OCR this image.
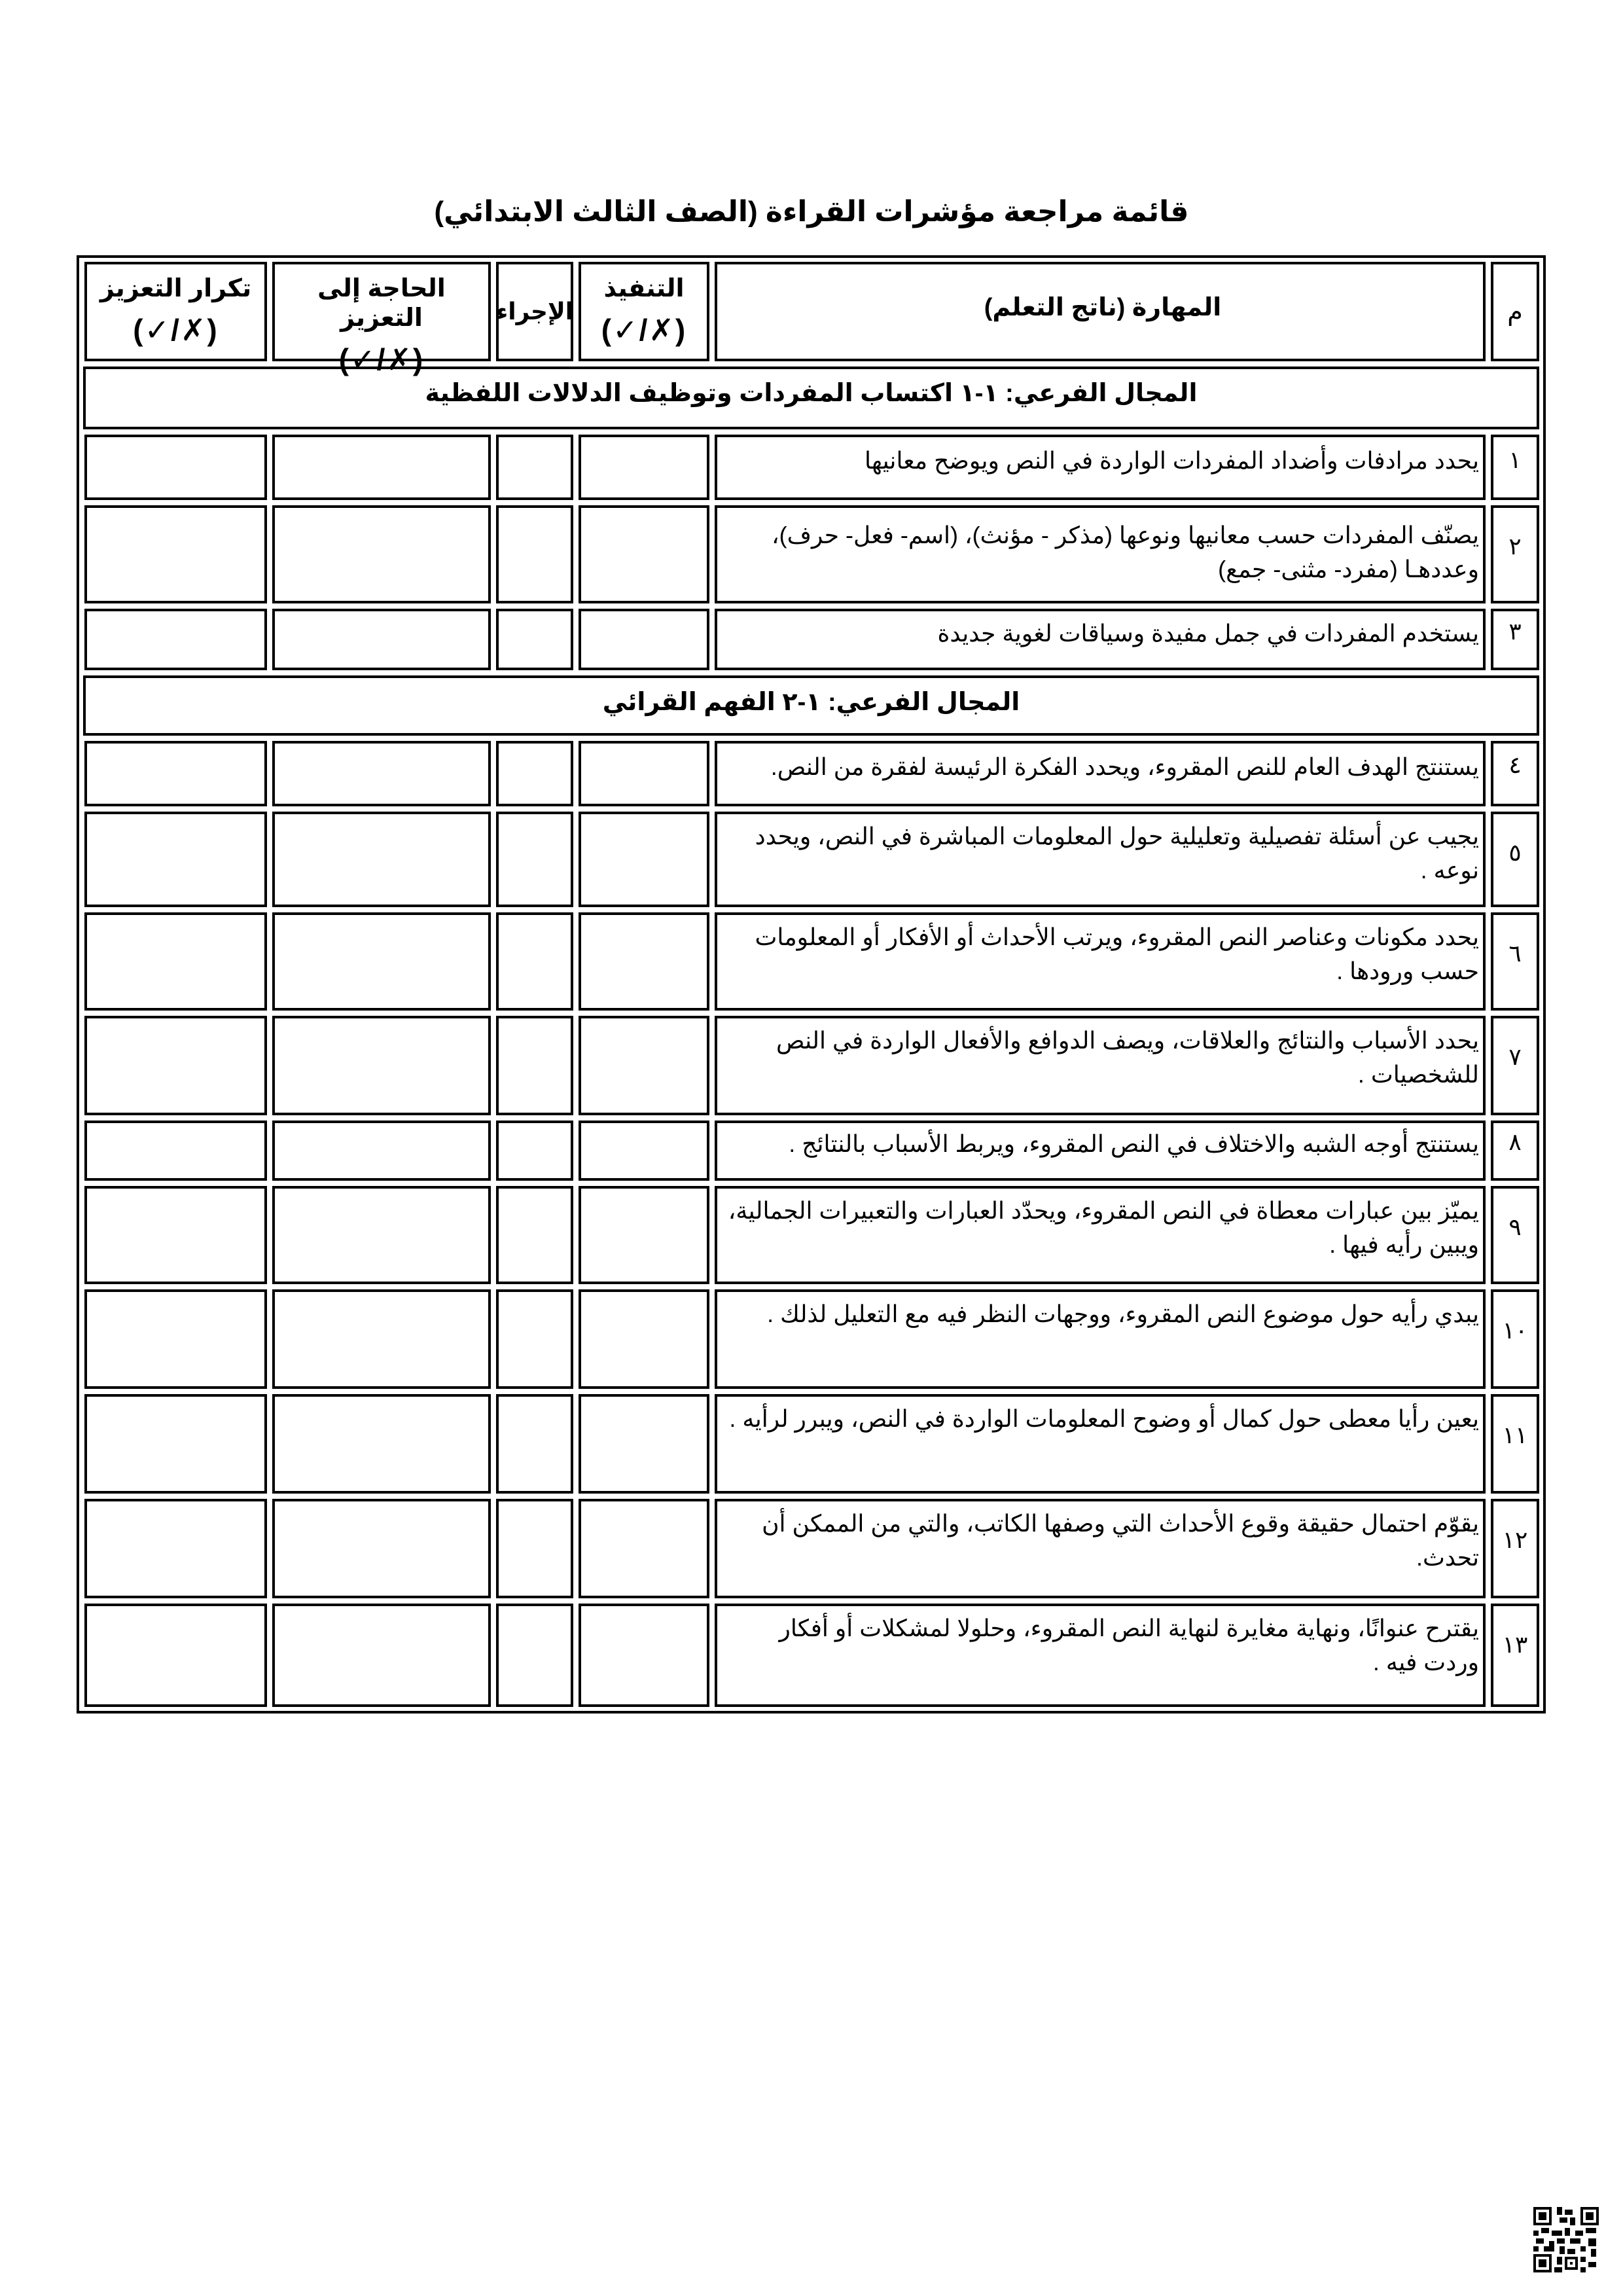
قائمة مراجعة مؤشرات القراءة (الصف الثالث الابتدائي)
م
المهارة (ناتج التعلم)
التنفيذ
(✓/✗)
الإجراء
الحاجة إلى التعزيز
(✓/✗)
تكرار التعزيز
(✓/✗)
المجال الفرعي: ١-١ اكتساب المفردات وتوظيف الدلالات اللفظية
١
يحدد مرادفات وأضداد المفردات الواردة في النص ويوضح معانيها
٢
يصنّف المفردات حسب معانيها ونوعها (مذكر - مؤنث)، (اسم- فعل- حرف)، وعددهـا (مفرد- مثنى- جمع)
٣
يستخدم المفردات في جمل مفيدة وسياقات لغوية جديدة
المجال الفرعي: ١-٢ الفهم القرائي
٤
يستنتج الهدف العام للنص المقروء، ويحدد الفكرة الرئيسة لفقرة من النص.
٥
يجيب عن أسئلة تفصيلية وتعليلية حول المعلومات المباشرة في النص، ويحدد نوعه .
٦
يحدد مكونات وعناصر النص المقروء، ويرتب الأحداث أو الأفكار أو المعلومات حسب ورودها .
٧
يحدد الأسباب والنتائج والعلاقات، ويصف الدوافع والأفعال الواردة في النص للشخصيات .
٨
يستنتج أوجه الشبه والاختلاف في النص المقروء، ويربط الأسباب بالنتائج .
٩
يميّز بين عبارات معطاة في النص المقروء، ويحدّد العبارات والتعبيرات الجمالية، ويبين رأيه فيها .
١٠
يبدي رأيه حول موضوع النص المقروء، ووجهات النظر فيه مع التعليل لذلك .
١١
يعين رأيا معطى حول كمال أو وضوح المعلومات الواردة في النص، ويبرر لرأيه .
١٢
يقوّم احتمال حقيقة وقوع الأحداث التي وصفها الكاتب، والتي من الممكن أن تحدث.
١٣
يقترح عنوانًا، ونهاية مغايرة لنهاية النص المقروء، وحلولا لمشكلات أو أفكار وردت فيه .
